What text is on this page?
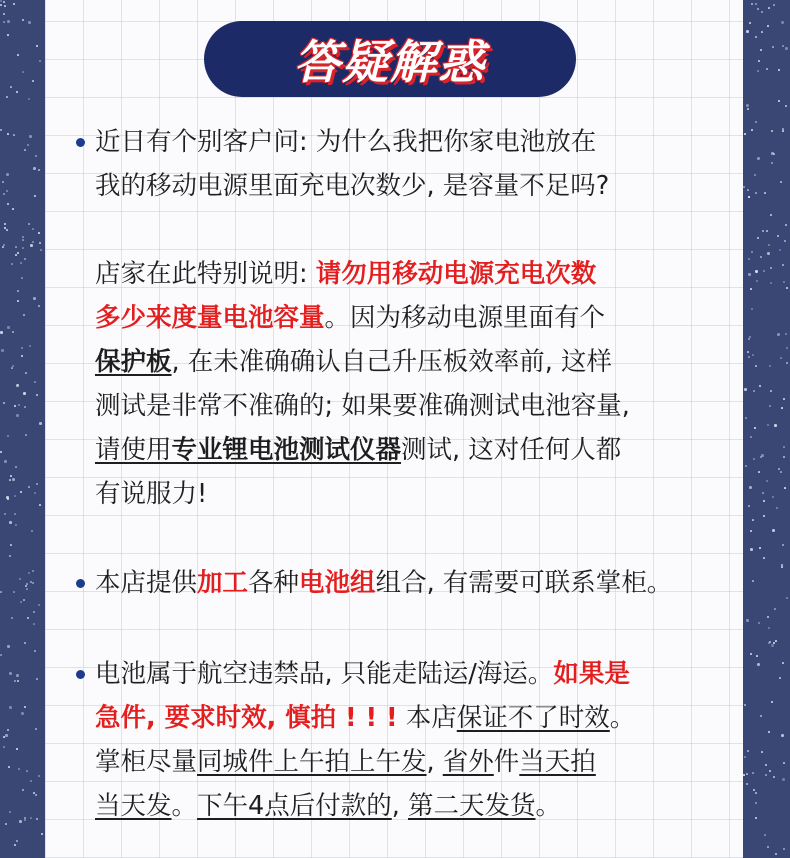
答疑解惑
近日有个别客户问: 为什么我把你家电池放在
我的移动电源里面充电次数少, 是容量不足吗?
店家在此特别说明: 请勿用移动电源充电次数
多少来度量电池容量。因为移动电源里面有个
保护板, 在未准确确认自己升压板效率前, 这样
测试是非常不准确的; 如果要准确测试电池容量,
请使用专业锂电池测试仪器测试, 这对任何人都
有说服力!
本店提供加工各种电池组组合, 有需要可联系掌柜。
电池属于航空违禁品, 只能走陆运/海运。如果是
急件, 要求时效, 慎拍 ! ! ! 本店保证不了时效。
掌柜尽量同城件上午拍上午发, 省外件当天拍
当天发。下午4点后付款的, 第二天发货。
